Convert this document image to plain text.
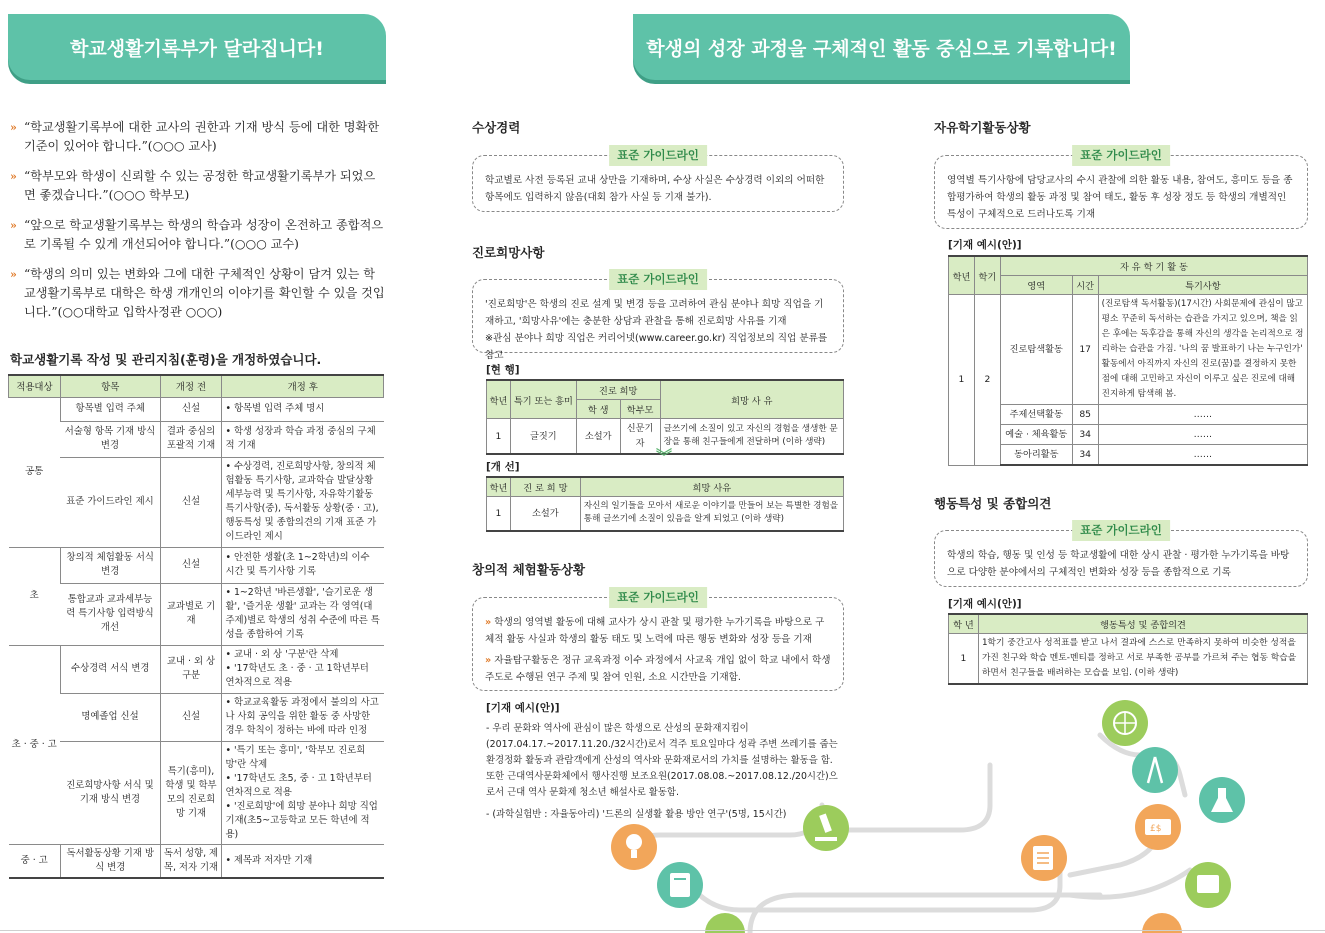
학교생활기록부가 달라집니다!
» “학교생활기록부에 대한 교사의 권한과 기재 방식 등에 대한 명확한 기준이 있어야 합니다.”(○○○ 교사)
» “학부모와 학생이 신뢰할 수 있는 공정한 학교생활기록부가 되었으면 좋겠습니다.”(○○○ 학부모)
» “앞으로 학교생활기록부는 학생의 학습과 성장이 온전하고 종합적으로 기록될 수 있게 개선되어야 합니다.”(○○○ 교수)
» “학생의 의미 있는 변화와 그에 대한 구체적인 상황이 담겨 있는 학교생활기록부로 대학은 학생 개개인의 이야기를 확인할 수 있을 것입니다.”(○○대학교 입학사정관 ○○○)
학교생활기록 작성 및 관리지침(훈령)을 개정하였습니다.
적용대상	항목	개정 전	개정 후
공통	항목별 입력 주체	신설	• 항목별 입력 주체 명시
	서술형 항목 기재 방식 변경	결과 중심의 포괄적 기재	• 학생 성장과 학습 과정 중심의 구체적 기재
	표준 가이드라인 제시	신설	• 수상경력, 진로희망사항, 창의적 체험활동 특기사항, 교과학습 발달상황 세부능력 및 특기사항, 자유학기활동 특기사항(중), 독서활동 상황(중 · 고), 행동특성 및 종합의견의 기재 표준 가이드라인 제시
초	창의적 체험활동 서식 변경	신설	• 안전한 생활(초 1~2학년)의 이수 시간 및 특기사항 기록
	통합교과 교과세부능력 특기사항 입력방식 개선	교과별로 기재	• 1~2학년 '바른생활', '슬기로운 생활', '즐거운 생활' 교과는 각 영역(대주제)별로 학생의 성취 수준에 따른 특성을 종합하여 기록
초 · 중 · 고	수상경력 서식 변경	교내 · 외 상 구분	• 교내 · 외 상 '구분'란 삭제
• '17학년도 초 · 중 · 고 1학년부터 연차적으로 적용
	명예졸업 신설	신설	• 학교교육활동 과정에서 불의의 사고나 사회 공익을 위한 활동 중 사망한 경우 학칙이 정하는 바에 따라 인정
	진로희망사항 서식 및 기재 방식 변경	특기(흥미), 학생 및 학부모의 진로희망 기재	• '특기 또는 흥미', '학부모 진로희망'란 삭제
• '17학년도 초5, 중 · 고 1학년부터 연차적으로 적용
• '진로희망'에 희망 분야나 희망 직업 기재(초5~고등학교 모든 학년에 적용)
중 · 고	독서활동상황 기재 방식 변경	독서 성향, 제목, 저자 기재	• 제목과 저자만 기재
학생의 성장 과정을 구체적인 활동 중심으로 기록합니다!
수상경력
표준 가이드라인
학교별로 사전 등록된 교내 상만을 기재하며, 수상 사실은 수상경력 이외의 어떠한 항목에도 입력하지 않음(대회 참가 사실 등 기재 불가).
진로희망사항
표준 가이드라인
'진로희망'은 학생의 진로 설계 및 변경 등을 고려하여 관심 분야나 희망 직업을 기재하고, '희망사유'에는 충분한 상담과 관찰을 통해 진로희망 사유를 기재
※관심 분야나 희망 직업은 커리어넷(www.career.go.kr) 직업정보의 직업 분류를 참고
[현 행]
학년	특기 또는 흥미	진로 희망		희망 사 유
		학 생	학부모	
1	글짓기	소설가	신문기자	글쓰기에 소질이 있고 자신의 경험을 생생한 문장을 통해 친구들에게 전달하며 (이하 생략)
︾
[개 선]
학년	진 로 희 망	희망 사유
1	소설가	자신의 일기들을 모아서 새로운 이야기를 만들어 보는 특별한 경험을 통해 글쓰기에 소질이 있음을 알게 되었고 (이하 생략)
창의적 체험활동상황
표준 가이드라인
» 학생의 영역별 활동에 대해 교사가 상시 관찰 및 평가한 누가기록을 바탕으로 구체적 활동 사실과 학생의 활동 태도 및 노력에 따른 행동 변화와 성장 등을 기재
» 자율탐구활동은 정규 교육과정 이수 과정에서 사교육 개입 없이 학교 내에서 학생 주도로 수행된 연구 주제 및 참여 인원, 소요 시간만을 기재함.
[기재 예시(안)]

- 우리 문화와 역사에 관심이 많은 학생으로 산성의 문화재지킴이(2017.04.17.~2017.11.20./32시간)로서 격주 토요일마다 성곽 주변 쓰레기를 줍는 환경정화 활동과 관람객에게 산성의 역사와 문화재로서의 가치를 설명하는 활동을 함. 또한 근대역사문화체에서 행사진행 보조요원(2017.08.08.~2017.08.12./20시간)으로서 근대 역사 문화제 청소년 해설사로 활동함.

- (과학실험반 : 자율동아리) '드론의 실생활 활용 방안 연구'(5명, 15시간)

자유학기활동상황
표준 가이드라인
영역별 특기사항에 담당교사의 수시 관찰에 의한 활동 내용, 참여도, 흥미도 등을 종합평가하여 학생의 활동 과정 및 참여 태도, 활동 후 성장 정도 등 학생의 개별적인 특성이 구체적으로 드러나도록 기재
[기재 예시(안)]
학년	학기	자 유 학 기 활 동		
		영역	시간	특기사항
1	2	진로탐색활동	17	(진로탐색 독서활동)(17시간) 사회문제에 관심이 많고 평소 꾸준히 독서하는 습관을 가지고 있으며, 책을 읽은 후에는 독후감을 통해 자신의 생각을 논리적으로 정리하는 습관을 가짐. '나의 꿈 발표하기 나는 누구인가' 활동에서 아직까지 자신의 진로(꿈)를 결정하지 못한 점에 대해 고민하고 자신이 이루고 싶은 진로에 대해 진지하게 탐색해 봄.
		주제선택활동	85	……
		예술 · 체육활동	34	……
		동아리활동	34	……
행동특성 및 종합의견
표준 가이드라인
학생의 학습, 행동 및 인성 등 학교생활에 대한 상시 관찰 · 평가한 누가기록을 바탕으로 다양한 분야에서의 구체적인 변화와 성장 등을 종합적으로 기록
[기재 예시(안)]
학 년	행동특성 및 종합의견
1	1학기 중간고사 성적표를 받고 나서 결과에 스스로 만족하지 못하여 비슷한 성적을 가진 친구와 학습 멘토-멘티를 정하고 서로 부족한 공부를 가르쳐 주는 협동 학습을 하면서 친구들을 배려하는 모습을 보임. (이하 생략)
£$
